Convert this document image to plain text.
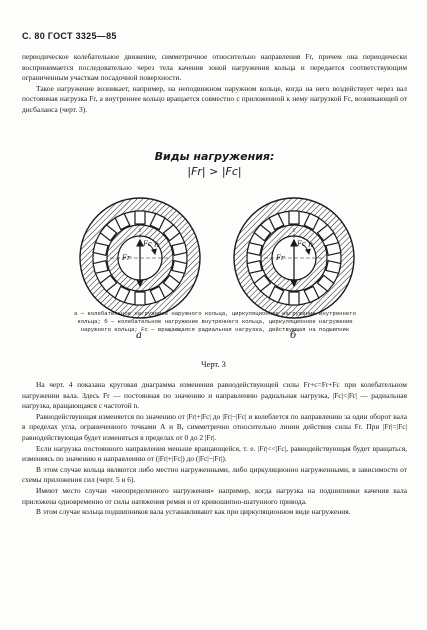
С. 80 ГОСТ 3325—85

периодическое колебательное движение, симметричное относительно направления Fr, причем она периодически воспринимается последовательно через тела качения зоной нагружения кольца и передается соответствующим ограниченным участкам посадочной поверхности.

Такое нагружение возникает, например, на неподвижном наружном кольце, когда на него воздействует через вал постоянная нагрузка Fr, а внутреннее кольцо вращается совместно с приложенной к нему нагрузкой Fc, возникающей от дисбаланса (черт. 3).

Виды нагружения:
|Fr| > |Fc|
а	б
n	n
Fr
Fc
Fr
Fc
а — колебательное нагружение наружного кольца, циркуляционное нагружение внутреннего кольца; б — колебательное нагружение внутреннего кольца, циркуляционное нагружение наружного кольца; Fc — вращающаяся радиальная нагрузка, действующая на подшипник
Черт. 3

На черт. 4 показана круговая диаграмма изменения равнодействующей силы Fr+c=Fr+Fc при колебательном нагружении вала. Здесь Fr — постоянная по значению и направлению радиальная нагрузка, |Fc|<|Fr| — радиальная нагрузка, вращающаяся с частотой n.

Равнодействующая изменяется по значению от |Fr|+|Fc| до |Fr|−|Fc| и колеблется по направлению за один оборот вала в пределах угла, ограниченного точками А и В, симметрично относительно линии действия силы Fr. При |Fr|=|Fc| равнодействующая будет изменяться в пределах от 0 до 2 |Fr|.

Если нагрузка постоянного направления меньше вращающейся, т. е. |Fr|<<|Fc|, равнодействующая будет вращаться, изменяясь по значению и направлению от (|Fr|+|Fc|) до (|Fc|−|Fr|).

В этом случае кольца являются либо местно нагруженными, либо циркуляционно нагруженными, в зависимости от схемы приложения сил (черт. 5 и 6).

Имеют место случаи «неопределенного нагружения» например, когда нагрузка на подшипники качения вала приложена одновременно от силы натяжения ремня и от кривошипно-шатунного привода.

В этом случае кольца подшипников вала устанавливают как при циркуляционном виде нагружения.
